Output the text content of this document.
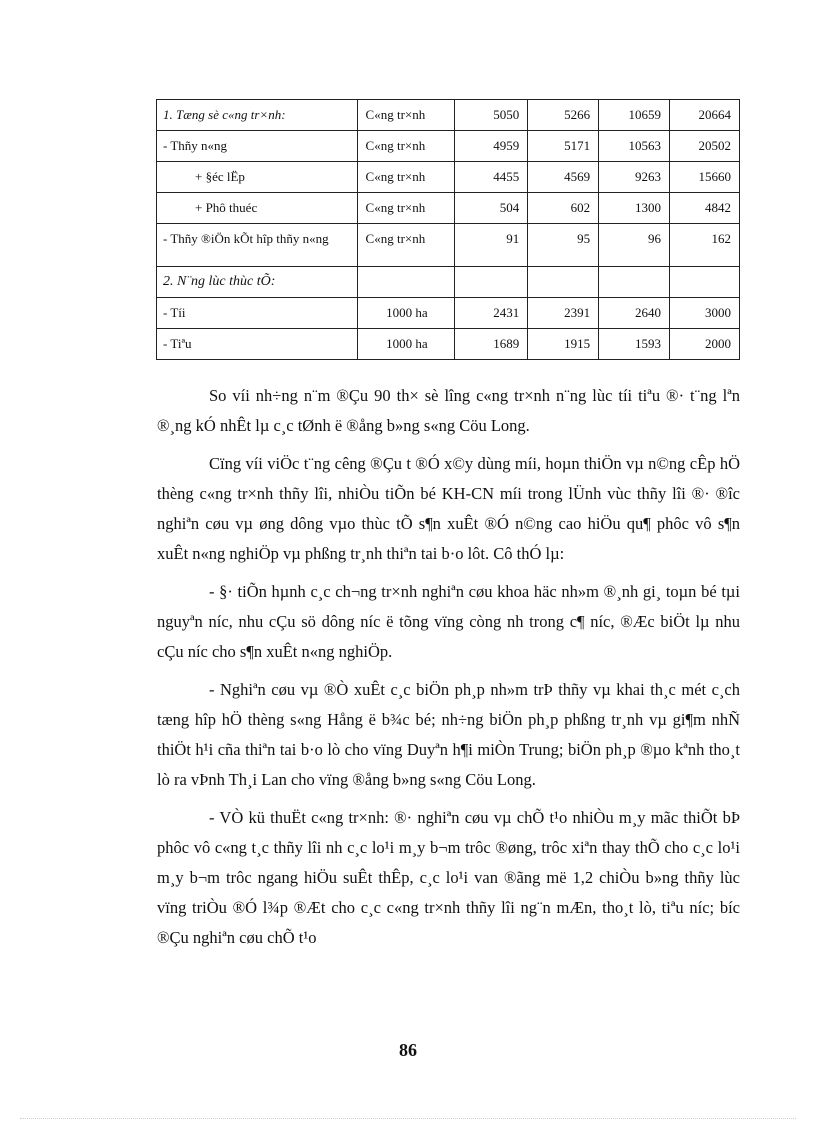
1. Tæng sè c«ng tr×nh:	C«ng tr×nh	5050	5266	10659	20664
- Thñy n«ng	C«ng tr×nh	4959	5171	10563	20502
+ §éc lËp	C«ng tr×nh	4455	4569	9263	15660
+ Phô thuéc	C«ng tr×nh	504	602	1300	4842
- Thñy ®iÖn kÕt hîp thñy n«ng	C«ng tr×nh	91	95	96	162
2. N¨ng lùc thùc tÕ:					
- Tíi	1000 ha	2431	2391	2640	3000
- Tiªu	1000 ha	1689	1915	1593	2000

So víi nh÷ng n¨m ®Çu 90 th× sè lîng c«ng tr×nh n¨ng lùc tíi tiªu ®· t¨ng lªn ®¸ng kÓ nhÊt lµ c¸c tØnh ë ®ång b»ng s«ng Cöu Long.

Cïng víi viÖc t¨ng cêng ®Çu t ®Ó x©y dùng míi, hoµn thiÖn vµ n©ng cÊp hÖ thèng c«ng tr×nh thñy lîi, nhiÒu tiÕn bé KH-CN míi trong lÜnh vùc thñy lîi ®· ®îc nghiªn cøu vµ øng dông vµo thùc tÕ s¶n xuÊt ®Ó n©ng cao hiÖu qu¶ phôc vô s¶n xuÊt n«ng nghiÖp vµ phßng tr¸nh thiªn tai b·o lôt. Cô thÓ lµ:

- §· tiÕn hµnh c¸c ch¬ng tr×nh nghiªn cøu khoa häc nh»m ®¸nh gi¸ toµn bé tµi nguyªn níc, nhu cÇu sö dông níc ë tõng vïng còng nh trong c¶ níc, ®Æc biÖt lµ nhu cÇu níc cho s¶n xuÊt n«ng nghiÖp.

- Nghiªn cøu vµ ®Ò xuÊt c¸c biÖn ph¸p nh»m trÞ thñy vµ khai th¸c mét c¸ch tæng hîp hÖ thèng s«ng Hång ë b¾c bé; nh÷ng biÖn ph¸p phßng tr¸nh vµ gi¶m nhÑ thiÖt h¹i cña thiªn tai b·o lò cho vïng Duyªn h¶i miÒn Trung; biÖn ph¸p ®µo kªnh tho¸t lò ra vÞnh Th¸i Lan cho vïng ®ång b»ng s«ng Cöu Long.

- VÒ kü thuËt c«ng tr×nh: ®· nghiªn cøu vµ chÕ t¹o nhiÒu m¸y mãc thiÕt bÞ phôc vô c«ng t¸c thñy lîi nh c¸c lo¹i m¸y b¬m trôc ®øng, trôc xiªn thay thÕ cho c¸c lo¹i m¸y b¬m trôc ngang hiÖu suÊt thÊp, c¸c lo¹i van ®ãng më 1,2 chiÒu b»ng thñy lùc vïng triÒu ®Ó l¾p ®Æt cho c¸c c«ng tr×nh thñy lîi ng¨n mÆn, tho¸t lò, tiªu níc; bíc ®Çu nghiªn cøu chÕ t¹o

86
